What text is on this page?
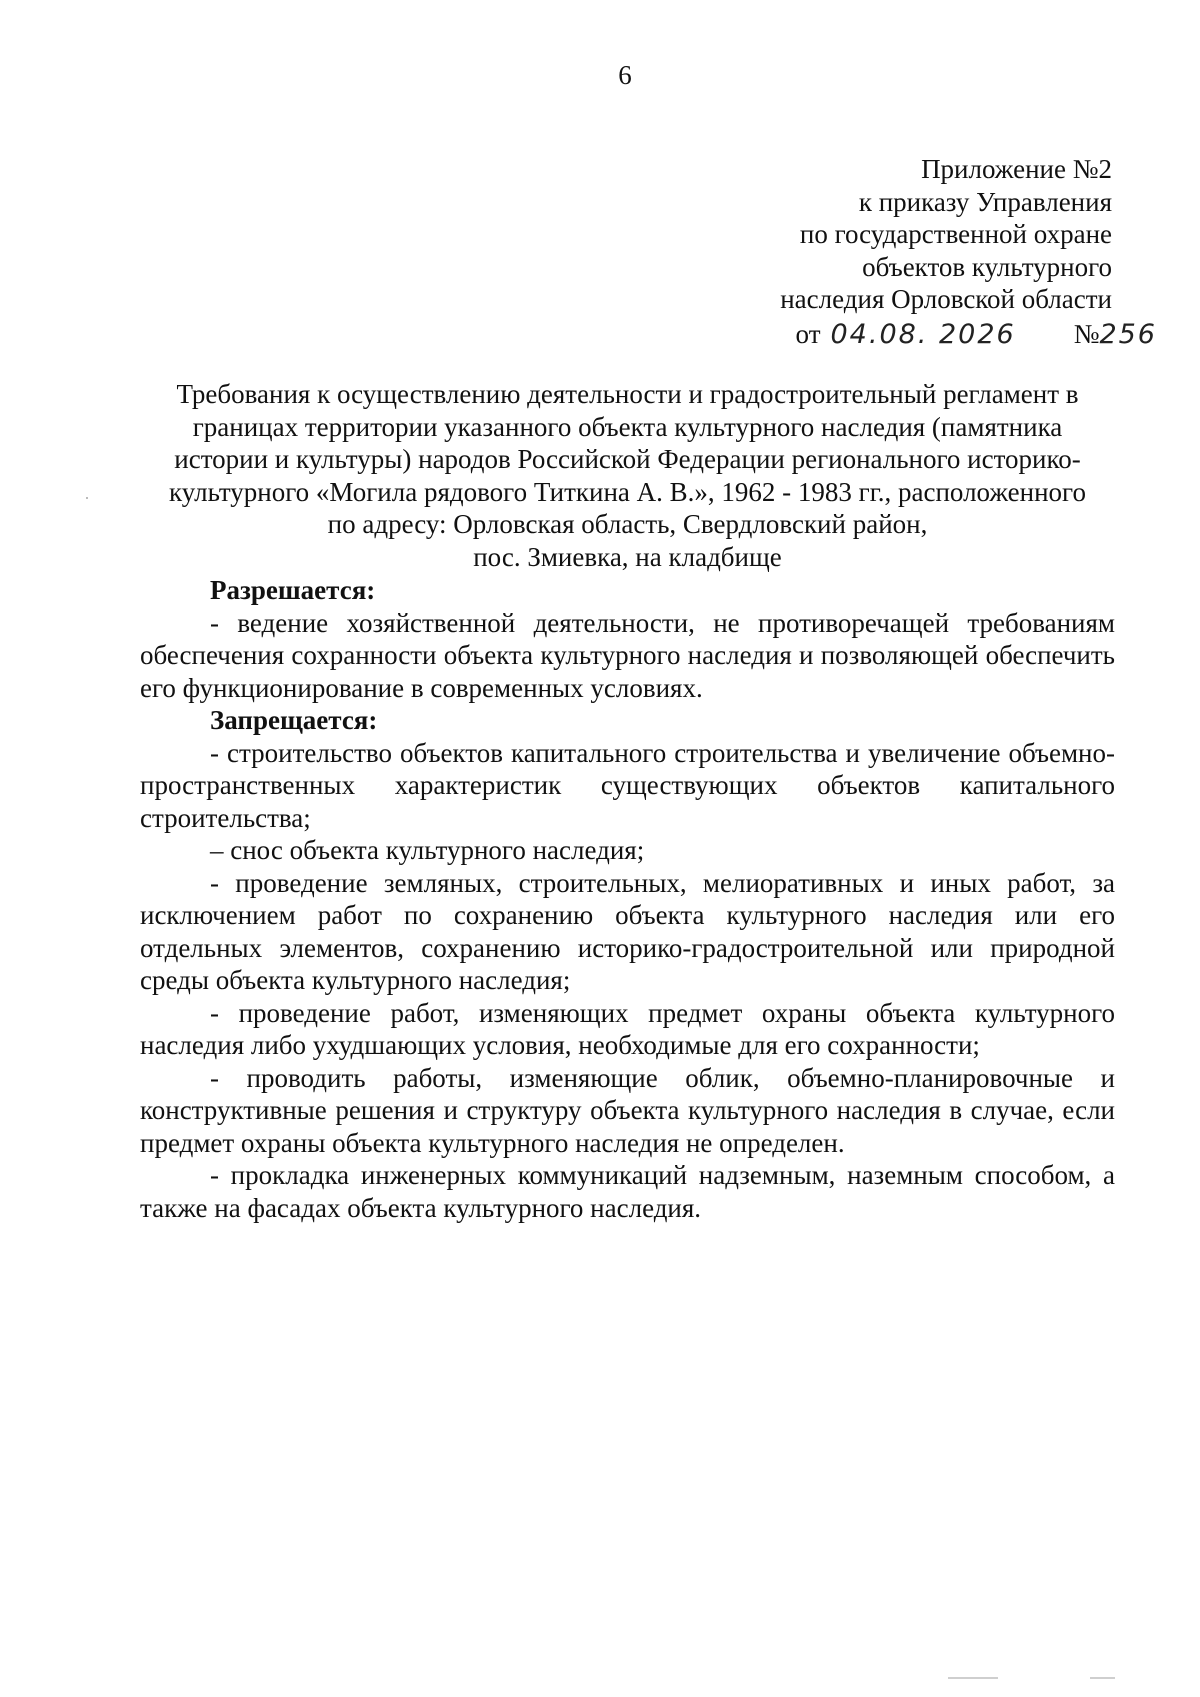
6
Приложение №2
к приказу Управления
по государственной охране
объектов культурного
наследия Орловской области
от 04.08. 2026 №256
Требования к осуществлению деятельности и градостроительный регламент в
границах территории указанного объекта культурного наследия (памятника
истории и культуры) народов Российской Федерации регионального историко-
культурного «Могила рядового Титкина А. В.», 1962 - 1983 гг., расположенного
по адресу: Орловская область, Свердловский район,
пос. Змиевка, на кладбище
Разрешается:

- ведение хозяйственной деятельности, не противоречащей требованиям обеспечения сохранности объекта культурного наследия и позволяющей обеспечить его функционирование в современных условиях.

Запрещается:

- строительство объектов капитального строительства и увеличение объемно-пространственных характеристик существующих объектов капитального строительства;

– снос объекта культурного наследия;

- проведение земляных, строительных, мелиоративных и иных работ, за исключением работ по сохранению объекта культурного наследия или его отдельных элементов, сохранению историко-градостроительной или природной среды объекта культурного наследия;

- проведение работ, изменяющих предмет охраны объекта культурного наследия либо ухудшающих условия, необходимые для его сохранности;

- проводить работы, изменяющие облик, объемно-планировочные и конструктивные решения и структуру объекта культурного наследия в случае, если предмет охраны объекта культурного наследия не определен.

- прокладка инженерных коммуникаций надземным, наземным способом, а также на фасадах объекта культурного наследия.
